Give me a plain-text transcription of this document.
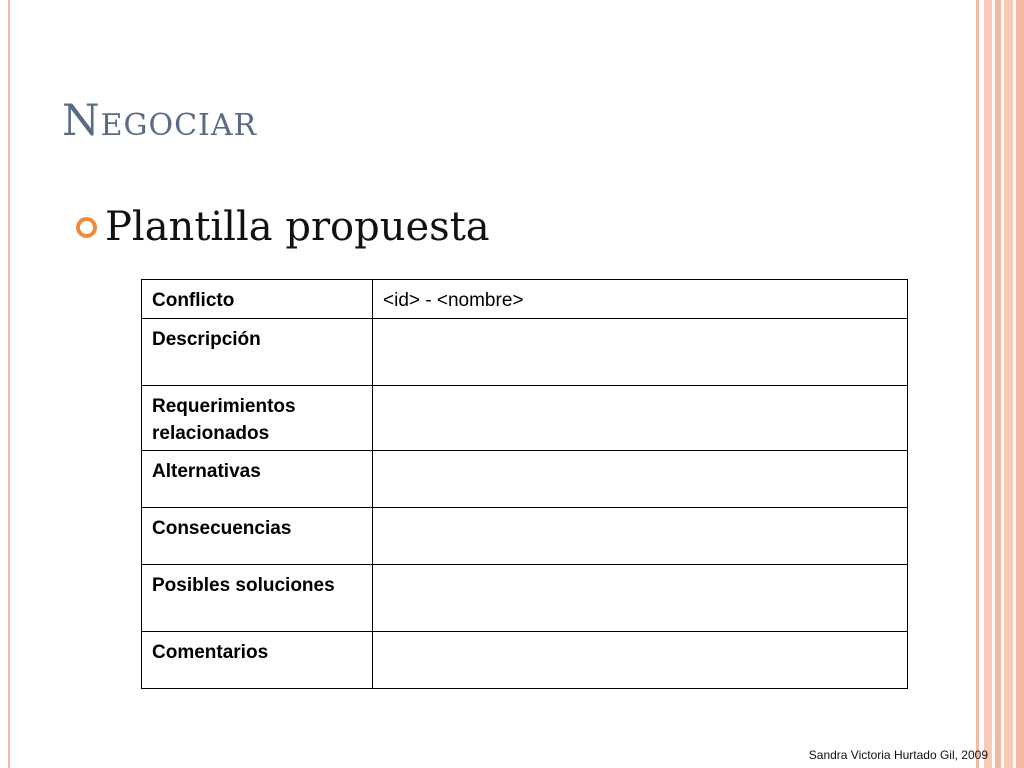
Negociar
Plantilla propuesta
Conflicto	<id> - <nombre>
Descripción	
Requerimientos relacionados	
Alternativas	
Consecuencias	
Posibles soluciones	
Comentarios	
Sandra Victoria Hurtado Gil, 2009
